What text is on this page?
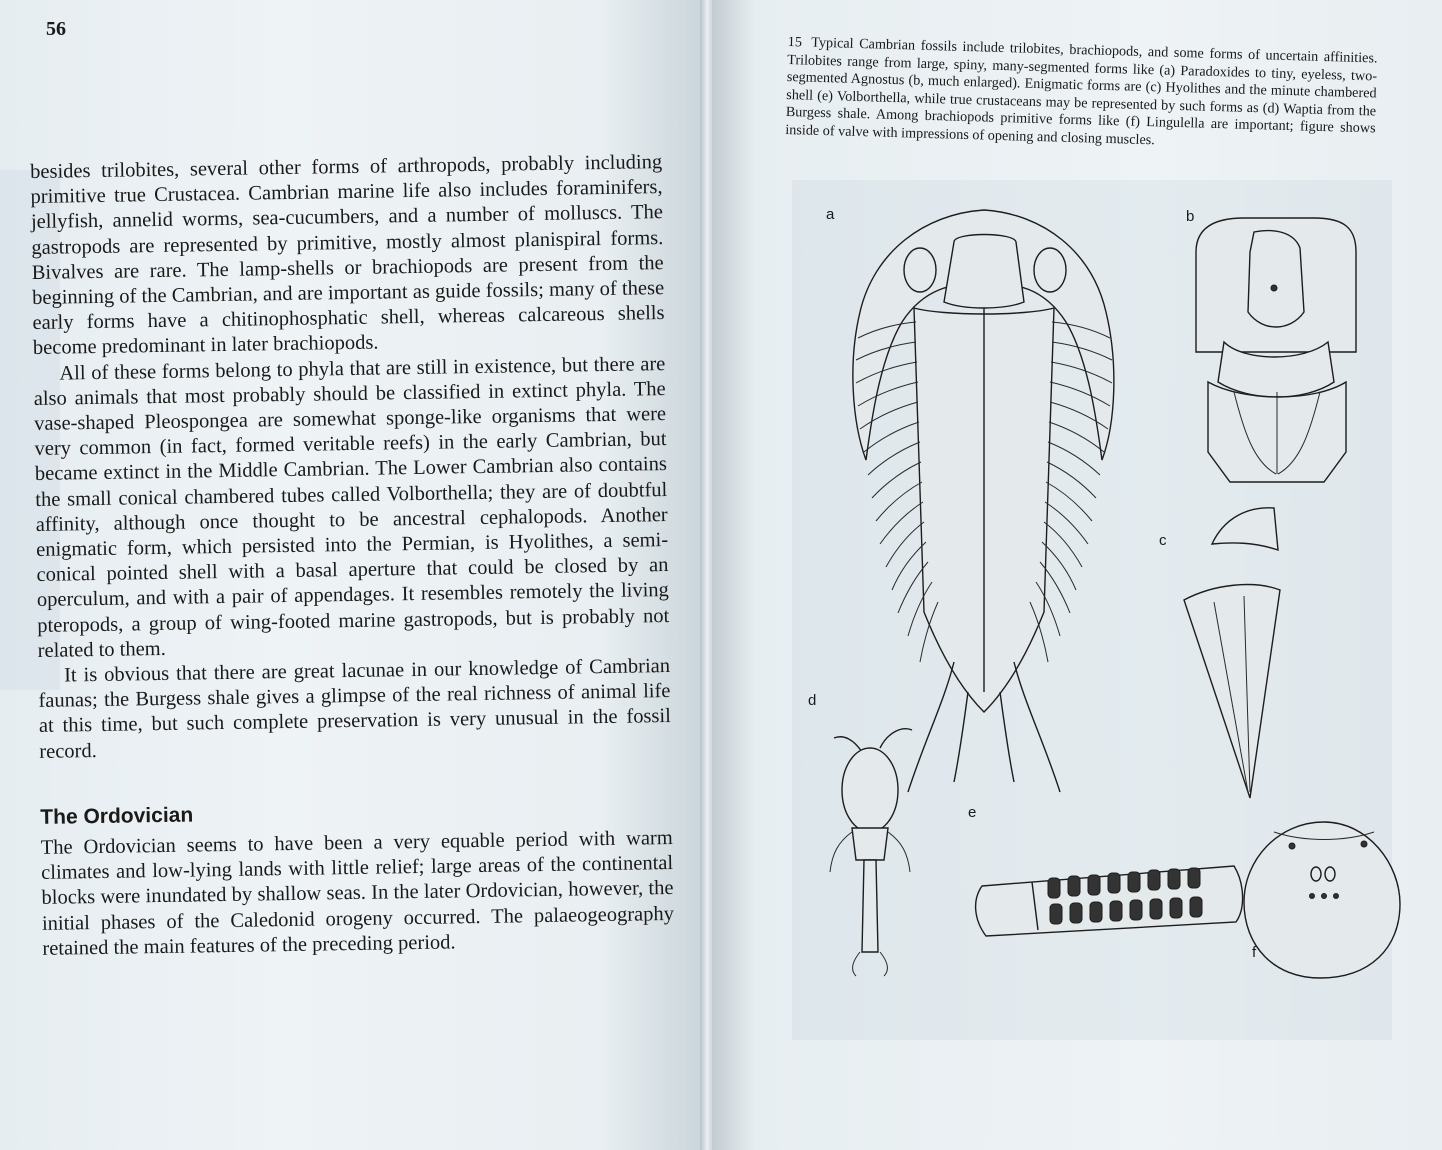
56

besides trilobites, several other forms of arthropods, probably including primitive true Crustacea. Cambrian marine life also includes foraminifers, jellyfish, annelid worms, sea-cucumbers, and a number of molluscs. The gastropods are represented by primitive, mostly almost planispiral forms. Bivalves are rare. The lamp-shells or brachiopods are present from the beginning of the Cambrian, and are important as guide fossils; many of these early forms have a chitinophosphatic shell, whereas calcareous shells become predominant in later brachiopods.

All of these forms belong to phyla that are still in existence, but there are also animals that most probably should be classified in extinct phyla. The vase-shaped Pleospongea are somewhat sponge-like organisms that were very common (in fact, formed veritable reefs) in the early Cambrian, but became extinct in the Middle Cambrian. The Lower Cambrian also contains the small conical chambered tubes called Volborthella; they are of doubtful affinity, although once thought to be ancestral cephalopods. Another enigmatic form, which persisted into the Permian, is Hyolithes, a semi-conical pointed shell with a basal aperture that could be closed by an operculum, and with a pair of appendages. It resembles remotely the living pteropods, a group of wing-footed marine gastropods, but is probably not related to them.

It is obvious that there are great lacunae in our knowledge of Cambrian faunas; the Burgess shale gives a glimpse of the real richness of animal life at this time, but such complete preservation is very unusual in the fossil record.

The Ordovician

The Ordovician seems to have been a very equable period with warm climates and low-lying lands with little relief; large areas of the continental blocks were inundated by shallow seas. In the later Ordovician, however, the initial phases of the Caledonid orogeny occurred. The palaeogeography retained the main features of the preceding period.

15 Typical Cambrian fossils include trilobites, brachiopods, and some forms of uncertain affinities. Trilobites range from large, spiny, many-segmented forms like (a) Paradoxides to tiny, eyeless, two-segmented Agnostus (b, much enlarged). Enigmatic forms are (c) Hyolithes and the minute chambered shell (e) Volborthella, while true crustaceans may be represented by such forms as (d) Waptia from the Burgess shale. Among brachiopods primitive forms like (f) Lingulella are important; figure shows inside of valve with impressions of opening and closing muscles.
a	b
c
d
e
f
